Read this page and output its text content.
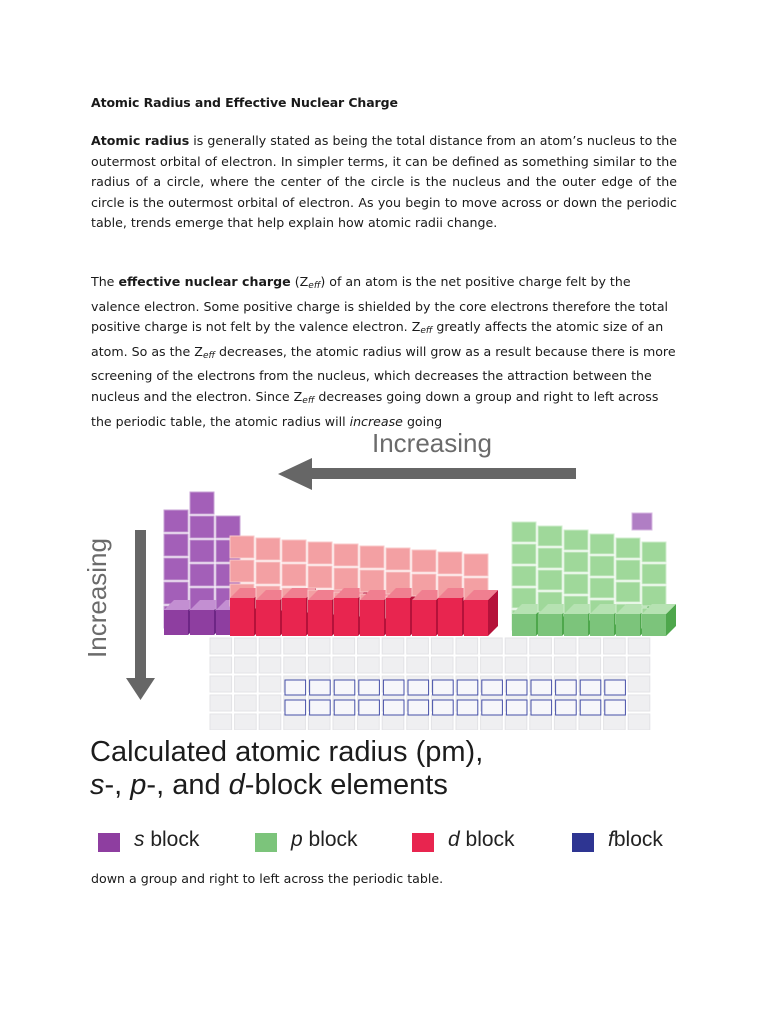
Atomic Radius and Effective Nuclear Charge

Atomic radius is generally stated as being the total distance from an atom’s nucleus to the outermost orbital of electron. In simpler terms, it can be defined as something similar to the radius of a circle, where the center of the circle is the nucleus and the outer edge of the circle is the outermost orbital of electron. As you begin to move across or down the periodic table, trends emerge that help explain how atomic radii change.

The effective nuclear charge $(Z_{eff})$ of an atom is the net positive charge felt by the valence electron. Some positive charge is shielded by the core electrons therefore the total positive charge is not felt by the valence electron. $Z_{eff}$ greatly affects the atomic size of an atom. So as the $Z_{eff}$ decreases, the atomic radius will grow as a result because there is more screening of the electrons from the nucleus, which decreases the attraction between the nucleus and the electron. Since $Z_{eff}$ decreases going down a group and right to left across the periodic table, the atomic radius will increase going

Increasing
Increasing
Calculated atomic radius (pm),
s-, p-, and d-block elements
s block	p block	d block	fblock

down a group and right to left across the periodic table.
